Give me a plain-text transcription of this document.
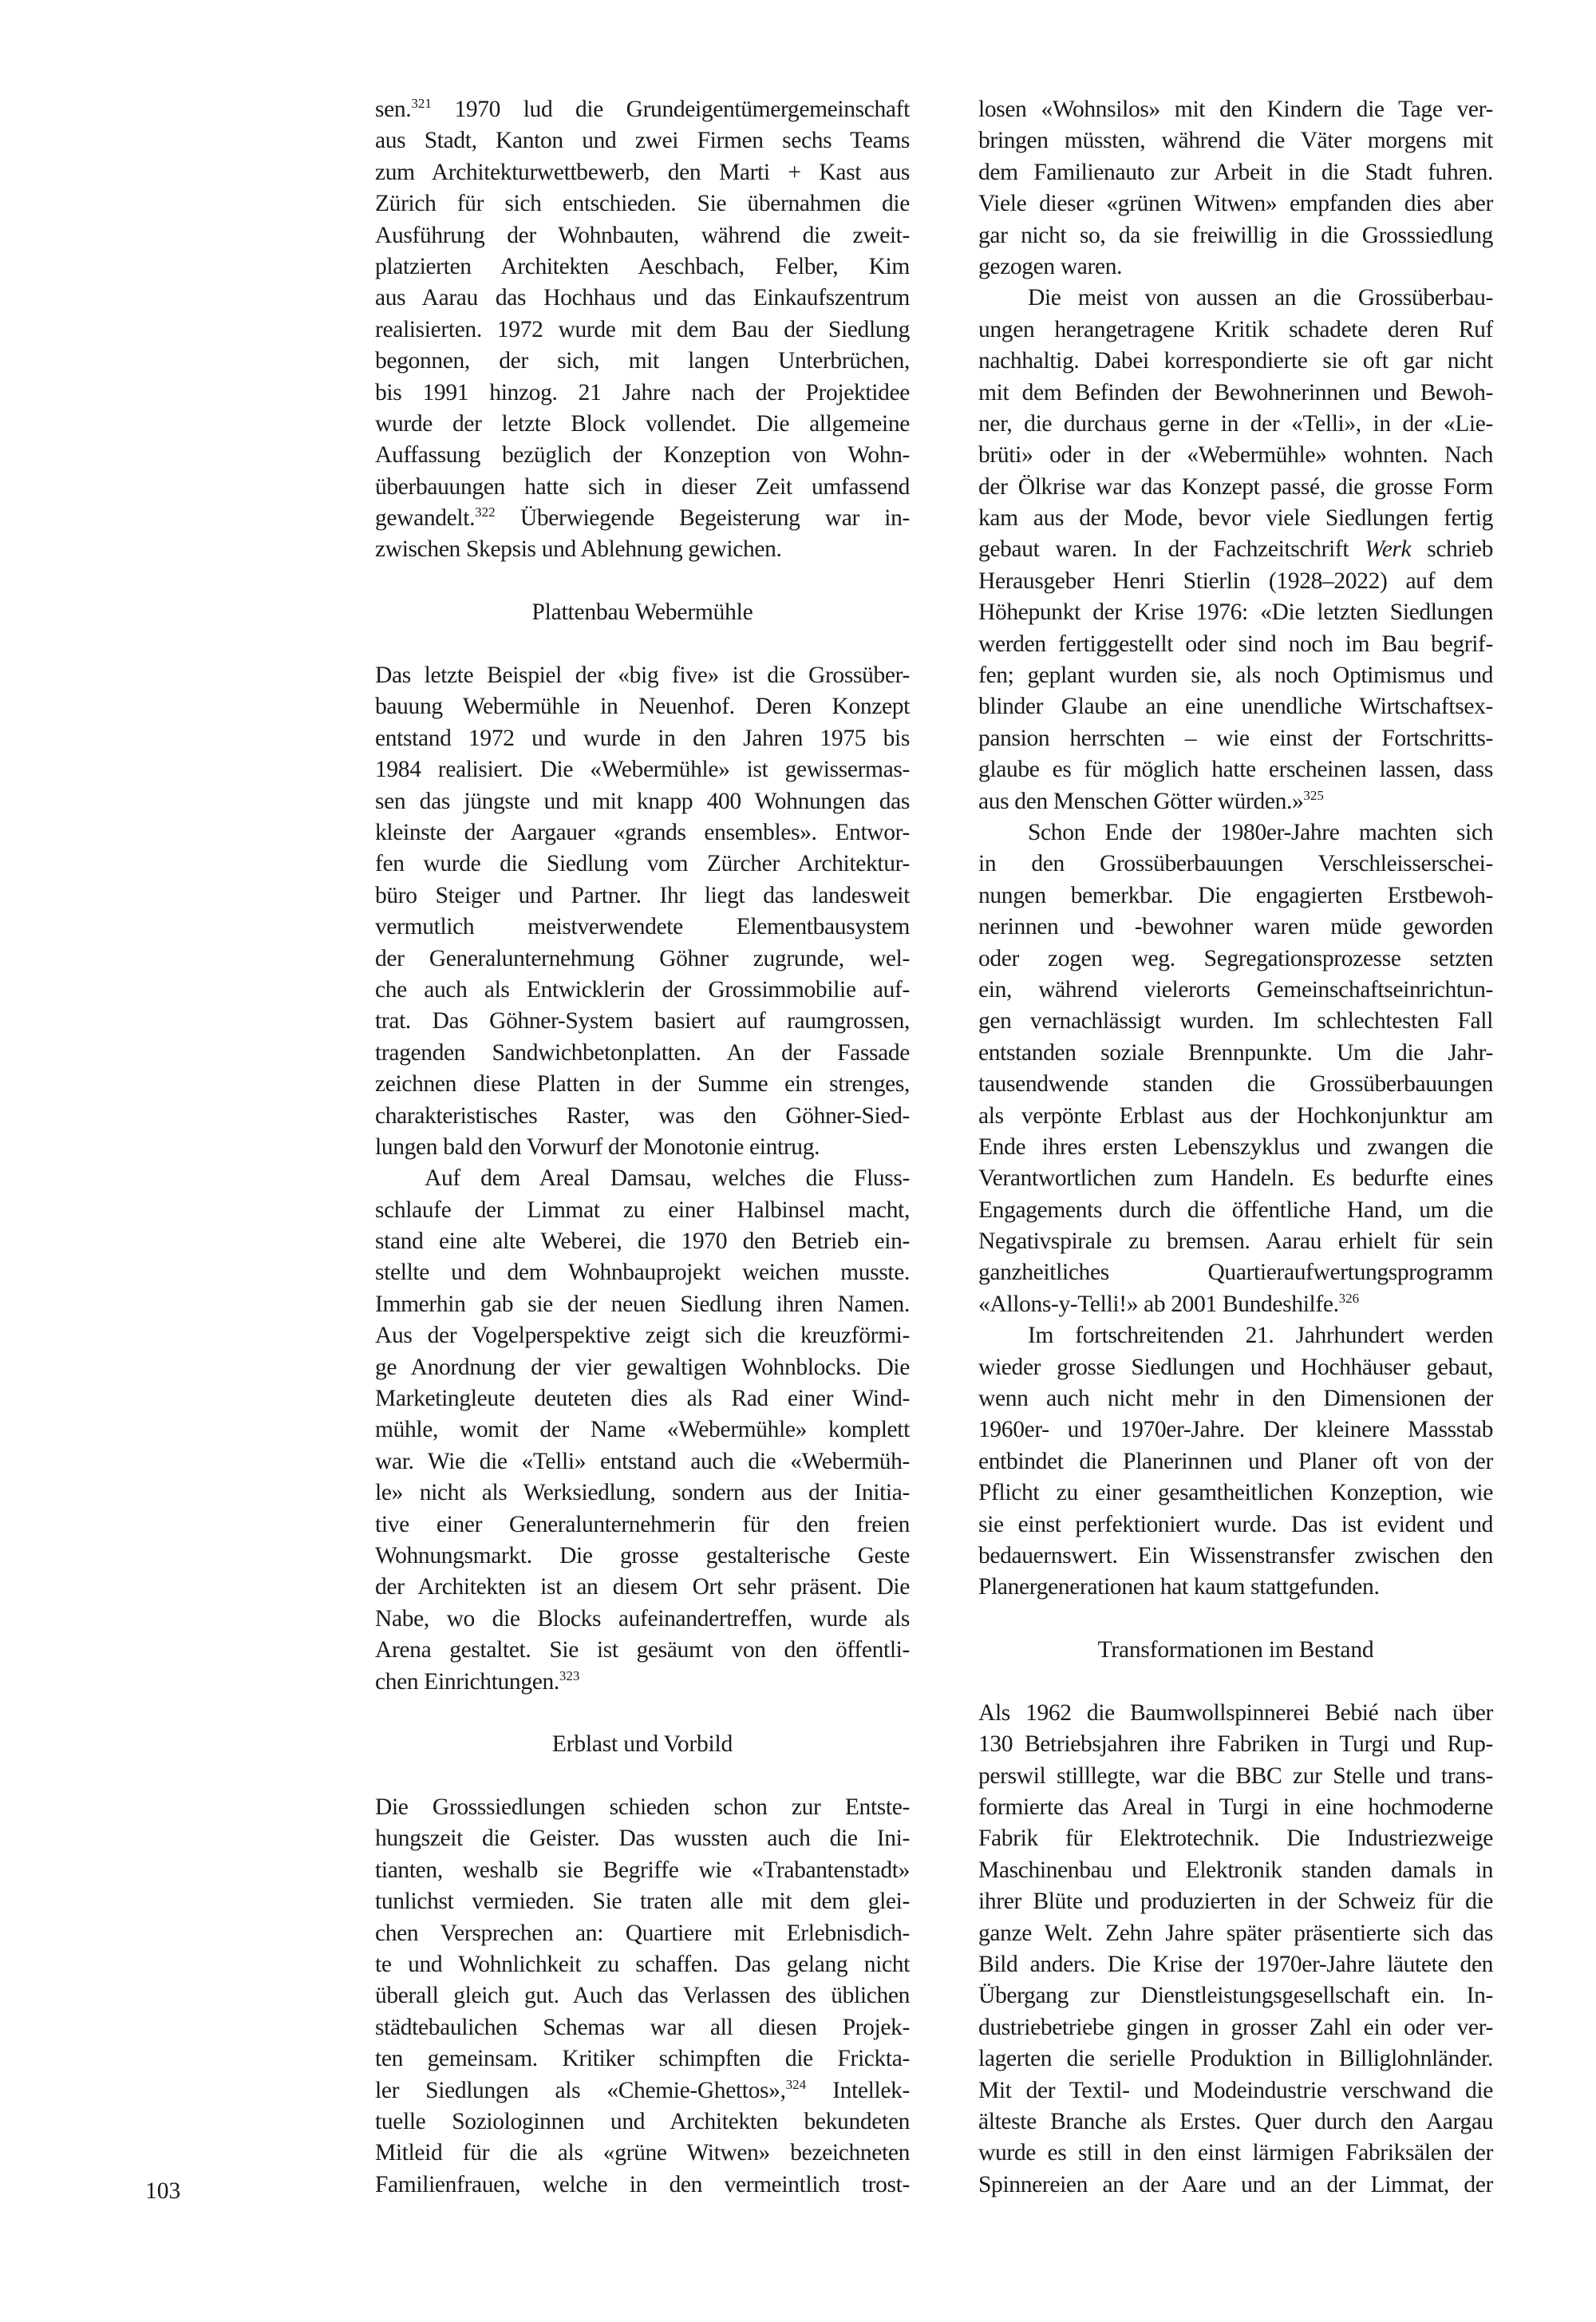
sen.$^{321}$ 1970 lud die Grundeigentümergemeinschaft
aus Stadt, Kanton und zwei Firmen sechs Teams
zum Architekturwettbewerb, den Marti + Kast aus
Zürich für sich entschieden. Sie übernahmen die
Ausführung der Wohnbauten, während die zweit-
platzierten Architekten Aeschbach, Felber, Kim
aus Aarau das Hochhaus und das Einkaufszentrum
realisierten. 1972 wurde mit dem Bau der Siedlung
begonnen, der sich, mit langen Unterbrüchen,
bis 1991 hinzog. 21 Jahre nach der Projektidee
wurde der letzte Block vollendet. Die allgemeine
Auffassung bezüglich der Konzeption von Wohn-
überbauungen hatte sich in dieser Zeit umfassend
gewandelt.$^{322}$ Überwiegende Begeisterung war in-
zwischen Skepsis und Ablehnung gewichen.
Plattenbau Webermühle
Das letzte Beispiel der «big five» ist die Grossüber-
bauung Webermühle in Neuenhof. Deren Konzept
entstand 1972 und wurde in den Jahren 1975 bis
1984 realisiert. Die «Webermühle» ist gewissermas-
sen das jüngste und mit knapp 400 Wohnungen das
kleinste der Aargauer «grands ensembles». Entwor-
fen wurde die Siedlung vom Zürcher Architektur-
büro Steiger und Partner. Ihr liegt das landesweit
vermutlich meistverwendete Elementbausystem
der Generalunternehmung Göhner zugrunde, wel-
che auch als Entwicklerin der Grossimmobilie auf-
trat. Das Göhner-System basiert auf raumgrossen,
tragenden Sandwichbetonplatten. An der Fassade
zeichnen diese Platten in der Summe ein strenges,
charakteristisches Raster, was den Göhner-Sied-
lungen bald den Vorwurf der Monotonie eintrug.
Auf dem Areal Damsau, welches die Fluss-
schlaufe der Limmat zu einer Halbinsel macht,
stand eine alte Weberei, die 1970 den Betrieb ein-
stellte und dem Wohnbauprojekt weichen musste.
Immerhin gab sie der neuen Siedlung ihren Namen.
Aus der Vogelperspektive zeigt sich die kreuzförmi-
ge Anordnung der vier gewaltigen Wohnblocks. Die
Marketingleute deuteten dies als Rad einer Wind-
mühle, womit der Name «Webermühle» komplett
war. Wie die «Telli» entstand auch die «Webermüh-
le» nicht als Werksiedlung, sondern aus der Initia-
tive einer Generalunternehmerin für den freien
Wohnungsmarkt. Die grosse gestalterische Geste
der Architekten ist an diesem Ort sehr präsent. Die
Nabe, wo die Blocks aufeinandertreffen, wurde als
Arena gestaltet. Sie ist gesäumt von den öffentli-
chen Einrichtungen.$^{323}$
Erblast und Vorbild
Die Grosssiedlungen schieden schon zur Entste-
hungszeit die Geister. Das wussten auch die Ini-
tianten, weshalb sie Begriffe wie «Trabantenstadt»
tunlichst vermieden. Sie traten alle mit dem glei-
chen Versprechen an: Quartiere mit Erlebnisdich-
te und Wohnlichkeit zu schaffen. Das gelang nicht
überall gleich gut. Auch das Verlassen des üblichen
städtebaulichen Schemas war all diesen Projek-
ten gemeinsam. Kritiker schimpften die Frickta-
ler Siedlungen als «Chemie-Ghettos»,$^{324}$ Intellek-
tuelle Soziologinnen und Architekten bekundeten
Mitleid für die als «grüne Witwen» bezeichneten
Familienfrauen, welche in den vermeintlich trost-
losen «Wohnsilos» mit den Kindern die Tage ver-
bringen müssten, während die Väter morgens mit
dem Familienauto zur Arbeit in die Stadt fuhren.
Viele dieser «grünen Witwen» empfanden dies aber
gar nicht so, da sie freiwillig in die Grosssiedlung
gezogen waren.
Die meist von aussen an die Grossüberbau-
ungen herangetragene Kritik schadete deren Ruf
nachhaltig. Dabei korrespondierte sie oft gar nicht
mit dem Befinden der Bewohnerinnen und Bewoh-
ner, die durchaus gerne in der «Telli», in der «Lie-
brüti» oder in der «Webermühle» wohnten. Nach
der Ölkrise war das Konzept passé, die grosse Form
kam aus der Mode, bevor viele Siedlungen fertig
gebaut waren. In der Fachzeitschrift Werk schrieb
Herausgeber Henri Stierlin (1928–2022) auf dem
Höhepunkt der Krise 1976: «Die letzten Siedlungen
werden fertiggestellt oder sind noch im Bau begrif-
fen; geplant wurden sie, als noch Optimismus und
blinder Glaube an eine unendliche Wirtschaftsex-
pansion herrschten – wie einst der Fortschritts-
glaube es für möglich hatte erscheinen lassen, dass
aus den Menschen Götter würden.»$^{325}$
Schon Ende der 1980er-Jahre machten sich
in den Grossüberbauungen Verschleisserschei-
nungen bemerkbar. Die engagierten Erstbewoh-
nerinnen und -bewohner waren müde geworden
oder zogen weg. Segregationsprozesse setzten
ein, während vielerorts Gemeinschaftseinrichtun-
gen vernachlässigt wurden. Im schlechtesten Fall
entstanden soziale Brennpunkte. Um die Jahr-
tausendwende standen die Grossüberbauungen
als verpönte Erblast aus der Hochkonjunktur am
Ende ihres ersten Lebenszyklus und zwangen die
Verantwortlichen zum Handeln. Es bedurfte eines
Engagements durch die öffentliche Hand, um die
Negativspirale zu bremsen. Aarau erhielt für sein
ganzheitliches Quartieraufwertungsprogramm
«Allons-y-Telli!» ab 2001 Bundeshilfe.$^{326}$
Im fortschreitenden 21. Jahrhundert werden
wieder grosse Siedlungen und Hochhäuser gebaut,
wenn auch nicht mehr in den Dimensionen der
1960er- und 1970er-Jahre. Der kleinere Massstab
entbindet die Planerinnen und Planer oft von der
Pflicht zu einer gesamtheitlichen Konzeption, wie
sie einst perfektioniert wurde. Das ist evident und
bedauernswert. Ein Wissenstransfer zwischen den
Planergenerationen hat kaum stattgefunden.
Transformationen im Bestand
Als 1962 die Baumwollspinnerei Bebié nach über
130 Betriebsjahren ihre Fabriken in Turgi und Rup-
perswil stilllegte, war die BBC zur Stelle und trans-
formierte das Areal in Turgi in eine hochmoderne
Fabrik für Elektrotechnik. Die Industriezweige
Maschinenbau und Elektronik standen damals in
ihrer Blüte und produzierten in der Schweiz für die
ganze Welt. Zehn Jahre später präsentierte sich das
Bild anders. Die Krise der 1970er-Jahre läutete den
Übergang zur Dienstleistungsgesellschaft ein. In-
dustriebetriebe gingen in grosser Zahl ein oder ver-
lagerten die serielle Produktion in Billiglohnländer.
Mit der Textil- und Modeindustrie verschwand die
älteste Branche als Erstes. Quer durch den Aargau
wurde es still in den einst lärmigen Fabriksälen der
Spinnereien an der Aare und an der Limmat, der
103
